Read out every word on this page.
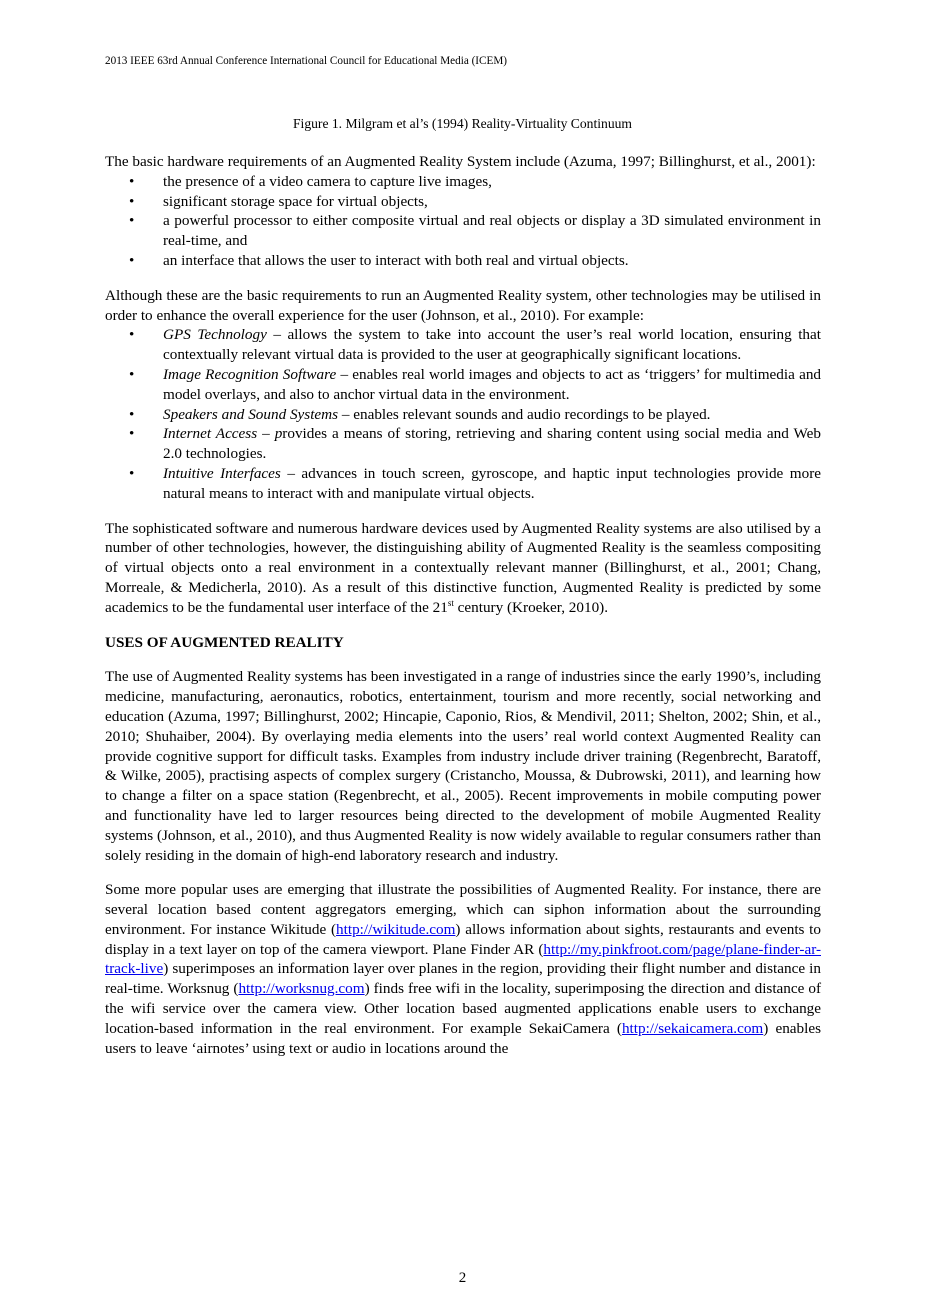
2013 IEEE 63rd Annual Conference International Council for Educational Media (ICEM)
Figure 1. Milgram et al’s (1994) Reality-Virtuality Continuum

The basic hardware requirements of an Augmented Reality System include (Azuma, 1997; Billinghurst, et al., 2001):

• the presence of a video camera to capture live images,
• significant storage space for virtual objects,
• a powerful processor to either composite virtual and real objects or display a 3D simulated environment in real-time, and
• an interface that allows the user to interact with both real and virtual objects.

Although these are the basic requirements to run an Augmented Reality system, other technologies may be utilised in order to enhance the overall experience for the user (Johnson, et al., 2010). For example:

• GPS Technology – allows the system to take into account the user’s real world location, ensuring that contextually relevant virtual data is provided to the user at geographically significant locations.
• Image Recognition Software – enables real world images and objects to act as ‘triggers’ for multimedia and model overlays, and also to anchor virtual data in the environment.
• Speakers and Sound Systems – enables relevant sounds and audio recordings to be played.
• Internet Access – provides a means of storing, retrieving and sharing content using social media and Web 2.0 technologies.
• Intuitive Interfaces – advances in touch screen, gyroscope, and haptic input technologies provide more natural means to interact with and manipulate virtual objects.

The sophisticated software and numerous hardware devices used by Augmented Reality systems are also utilised by a number of other technologies, however, the distinguishing ability of Augmented Reality is the seamless compositing of virtual objects onto a real environment in a contextually relevant manner (Billinghurst, et al., 2001; Chang, Morreale, & Medicherla, 2010). As a result of this distinctive function, Augmented Reality is predicted by some academics to be the fundamental user interface of the 21st century (Kroeker, 2010).

USES OF AUGMENTED REALITY

The use of Augmented Reality systems has been investigated in a range of industries since the early 1990’s, including medicine, manufacturing, aeronautics, robotics, entertainment, tourism and more recently, social networking and education (Azuma, 1997; Billinghurst, 2002; Hincapie, Caponio, Rios, & Mendivil, 2011; Shelton, 2002; Shin, et al., 2010; Shuhaiber, 2004). By overlaying media elements into the users’ real world context Augmented Reality can provide cognitive support for difficult tasks. Examples from industry include driver training (Regenbrecht, Baratoff, & Wilke, 2005), practising aspects of complex surgery (Cristancho, Moussa, & Dubrowski, 2011), and learning how to change a filter on a space station (Regenbrecht, et al., 2005). Recent improvements in mobile computing power and functionality have led to larger resources being directed to the development of mobile Augmented Reality systems (Johnson, et al., 2010), and thus Augmented Reality is now widely available to regular consumers rather than solely residing in the domain of high-end laboratory research and industry.

Some more popular uses are emerging that illustrate the possibilities of Augmented Reality. For instance, there are several location based content aggregators emerging, which can siphon information about the surrounding environment. For instance Wikitude (http://wikitude.com) allows information about sights, restaurants and events to display in a text layer on top of the camera viewport. Plane Finder AR (http://my.pinkfroot.com/page/plane-finder-ar-track-live) superimposes an information layer over planes in the region, providing their flight number and distance in real-time. Worksnug (http://worksnug.com) finds free wifi in the locality, superimposing the direction and distance of the wifi service over the camera view. Other location based augmented applications enable users to exchange location-based information in the real environment. For example SekaiCamera (http://sekaicamera.com) enables users to leave ‘airnotes’ using text or audio in locations around the

2
